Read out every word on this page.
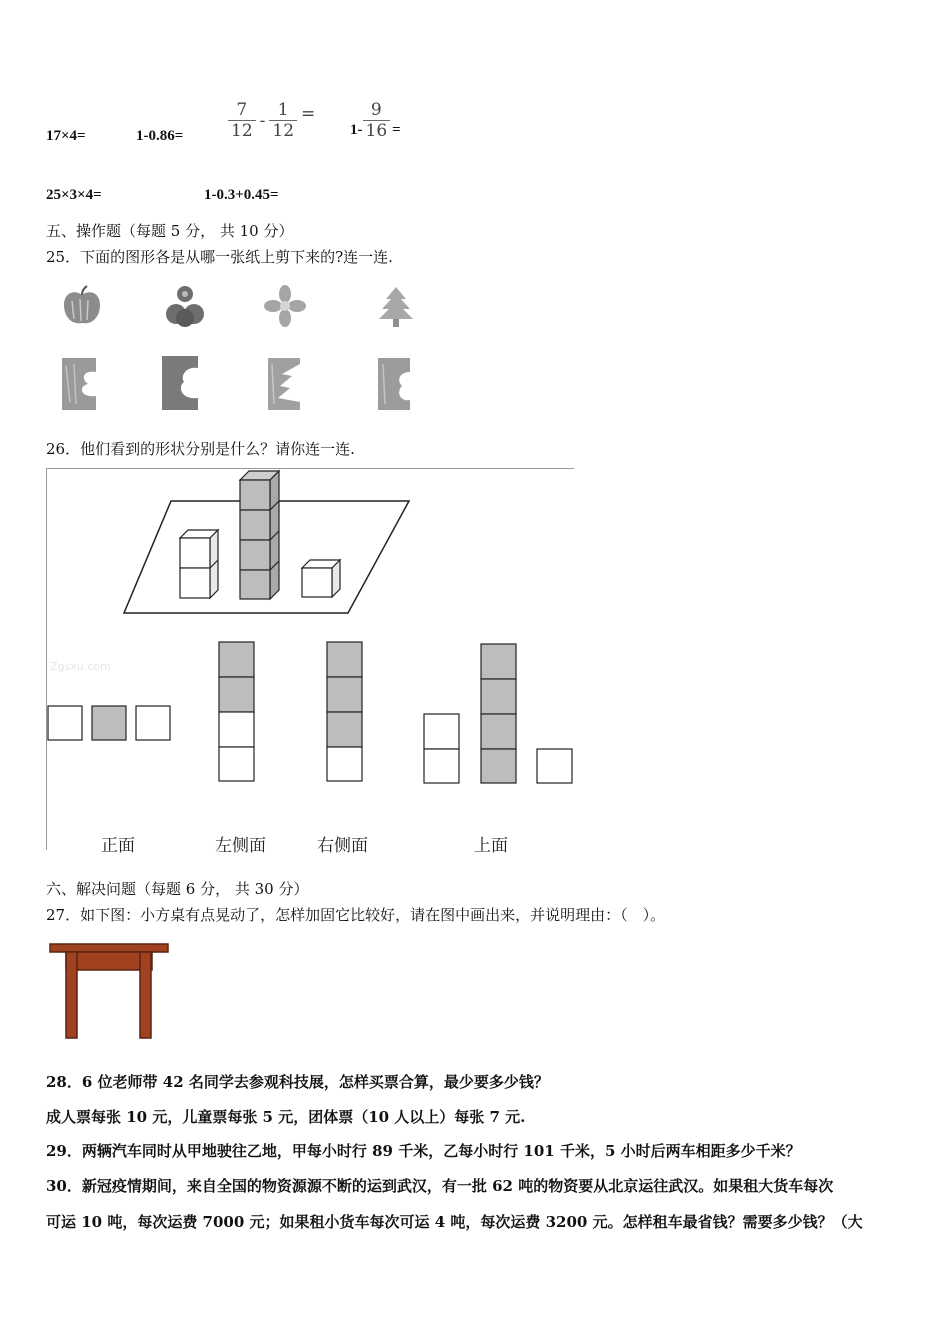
17×4=	1-0.86=	$\frac{7}{12} - \frac{1}{12}$ =
$1- \frac{9}{16}$ =
25×3×4=	1-0.3+0.45=
五、操作题（每题 5 分， 共 10 分）
25．下面的图形各是从哪一张纸上剪下来的?连一连.
26．他们看到的形状分别是什么？请你连一连.
Zgsxu.com
正面	左侧面	右侧面	上面
六、解决问题（每题 6 分， 共 30 分）
27．如下图：小方桌有点晃动了，怎样加固它比较好，请在图中画出来，并说明理由：（　）。
28．6 位老师带 42 名同学去参观科技展，怎样买票合算，最少要多少钱？
成人票每张 10 元，儿童票每张 5 元，团体票（10 人以上）每张 7 元.
29．两辆汽车同时从甲地驶往乙地，甲每小时行 89 千米，乙每小时行 101 千米，5 小时后两车相距多少千米？
30．新冠疫情期间，来自全国的物资源源不断的运到武汉，有一批 62 吨的物资要从北京运往武汉。如果租大货车每次
可运 10 吨，每次运费 7000 元；如果租小货车每次可运 4 吨，每次运费 3200 元。怎样租车最省钱？需要多少钱？（大
